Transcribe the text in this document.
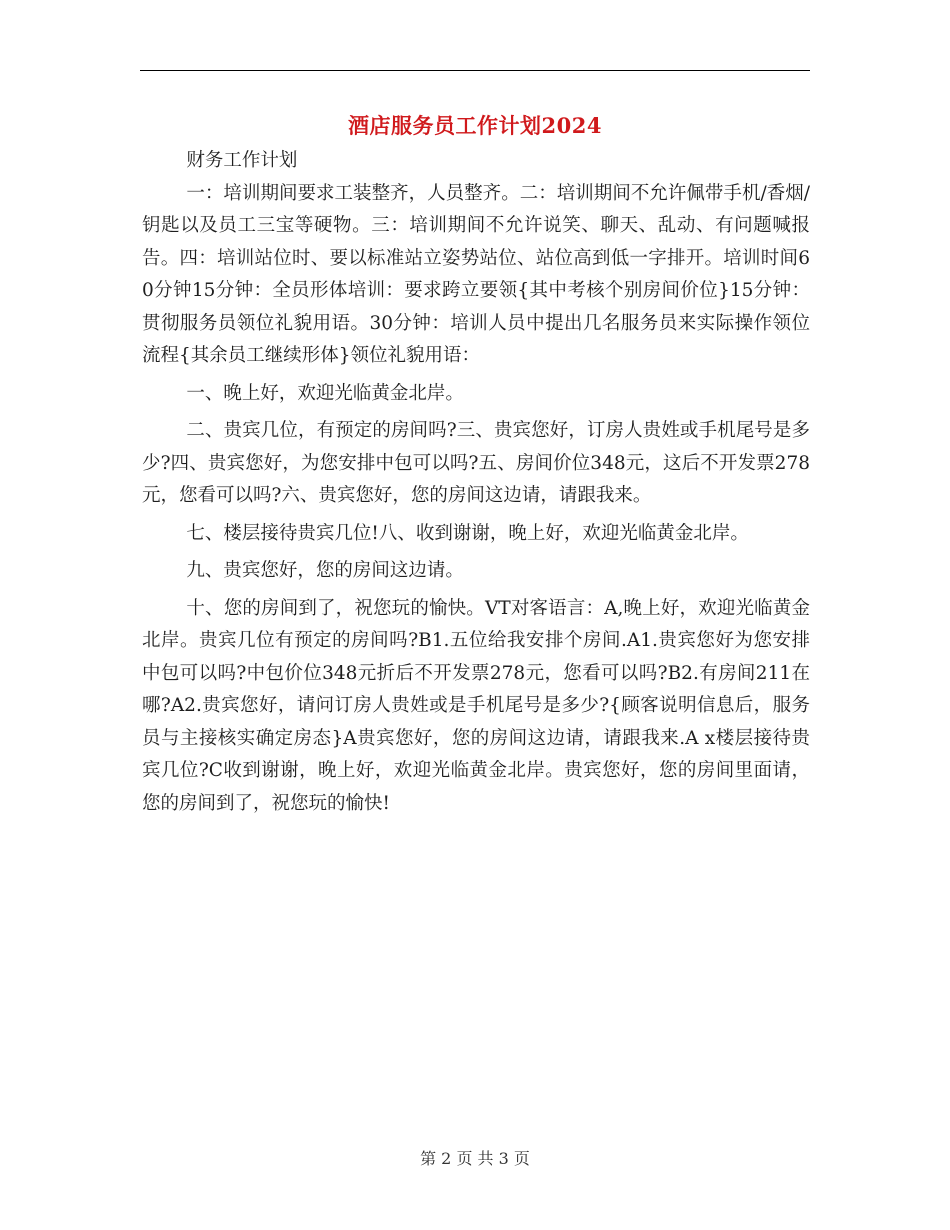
酒店服务员工作计划2024

财务工作计划

一：培训期间要求工装整齐，人员整齐。二：培训期间不允许佩带手机/香烟/钥匙以及员工三宝等硬物。三：培训期间不允许说笑、聊天、乱动、有问题喊报告。四：培训站位时、要以标准站立姿势站位、站位高到低一字排开。培训时间60分钟15分钟：全员形体培训：要求跨立要领{其中考核个别房间价位}15分钟：贯彻服务员领位礼貌用语。30分钟：培训人员中提出几名服务员来实际操作领位流程{其余员工继续形体}领位礼貌用语：

一、晚上好，欢迎光临黄金北岸。

二、贵宾几位，有预定的房间吗?三、贵宾您好，订房人贵姓或手机尾号是多少?四、贵宾您好，为您安排中包可以吗?五、房间价位348元，这后不开发票278元，您看可以吗?六、贵宾您好，您的房间这边请，请跟我来。

七、楼层接待贵宾几位!八、收到谢谢，晚上好，欢迎光临黄金北岸。

九、贵宾您好，您的房间这边请。

十、您的房间到了，祝您玩的愉快。VT对客语言：A,晚上好，欢迎光临黄金北岸。贵宾几位有预定的房间吗?B1.五位给我安排个房间.A1.贵宾您好为您安排中包可以吗?中包价位348元折后不开发票278元，您看可以吗?B2.有房间211在哪?A2.贵宾您好，请问订房人贵姓或是手机尾号是多少?{顾客说明信息后，服务员与主接核实确定房态}A贵宾您好，您的房间这边请，请跟我来.A x楼层接待贵宾几位?C收到谢谢，晚上好，欢迎光临黄金北岸。贵宾您好，您的房间里面请，您的房间到了，祝您玩的愉快!

第 2 页 共 3 页
